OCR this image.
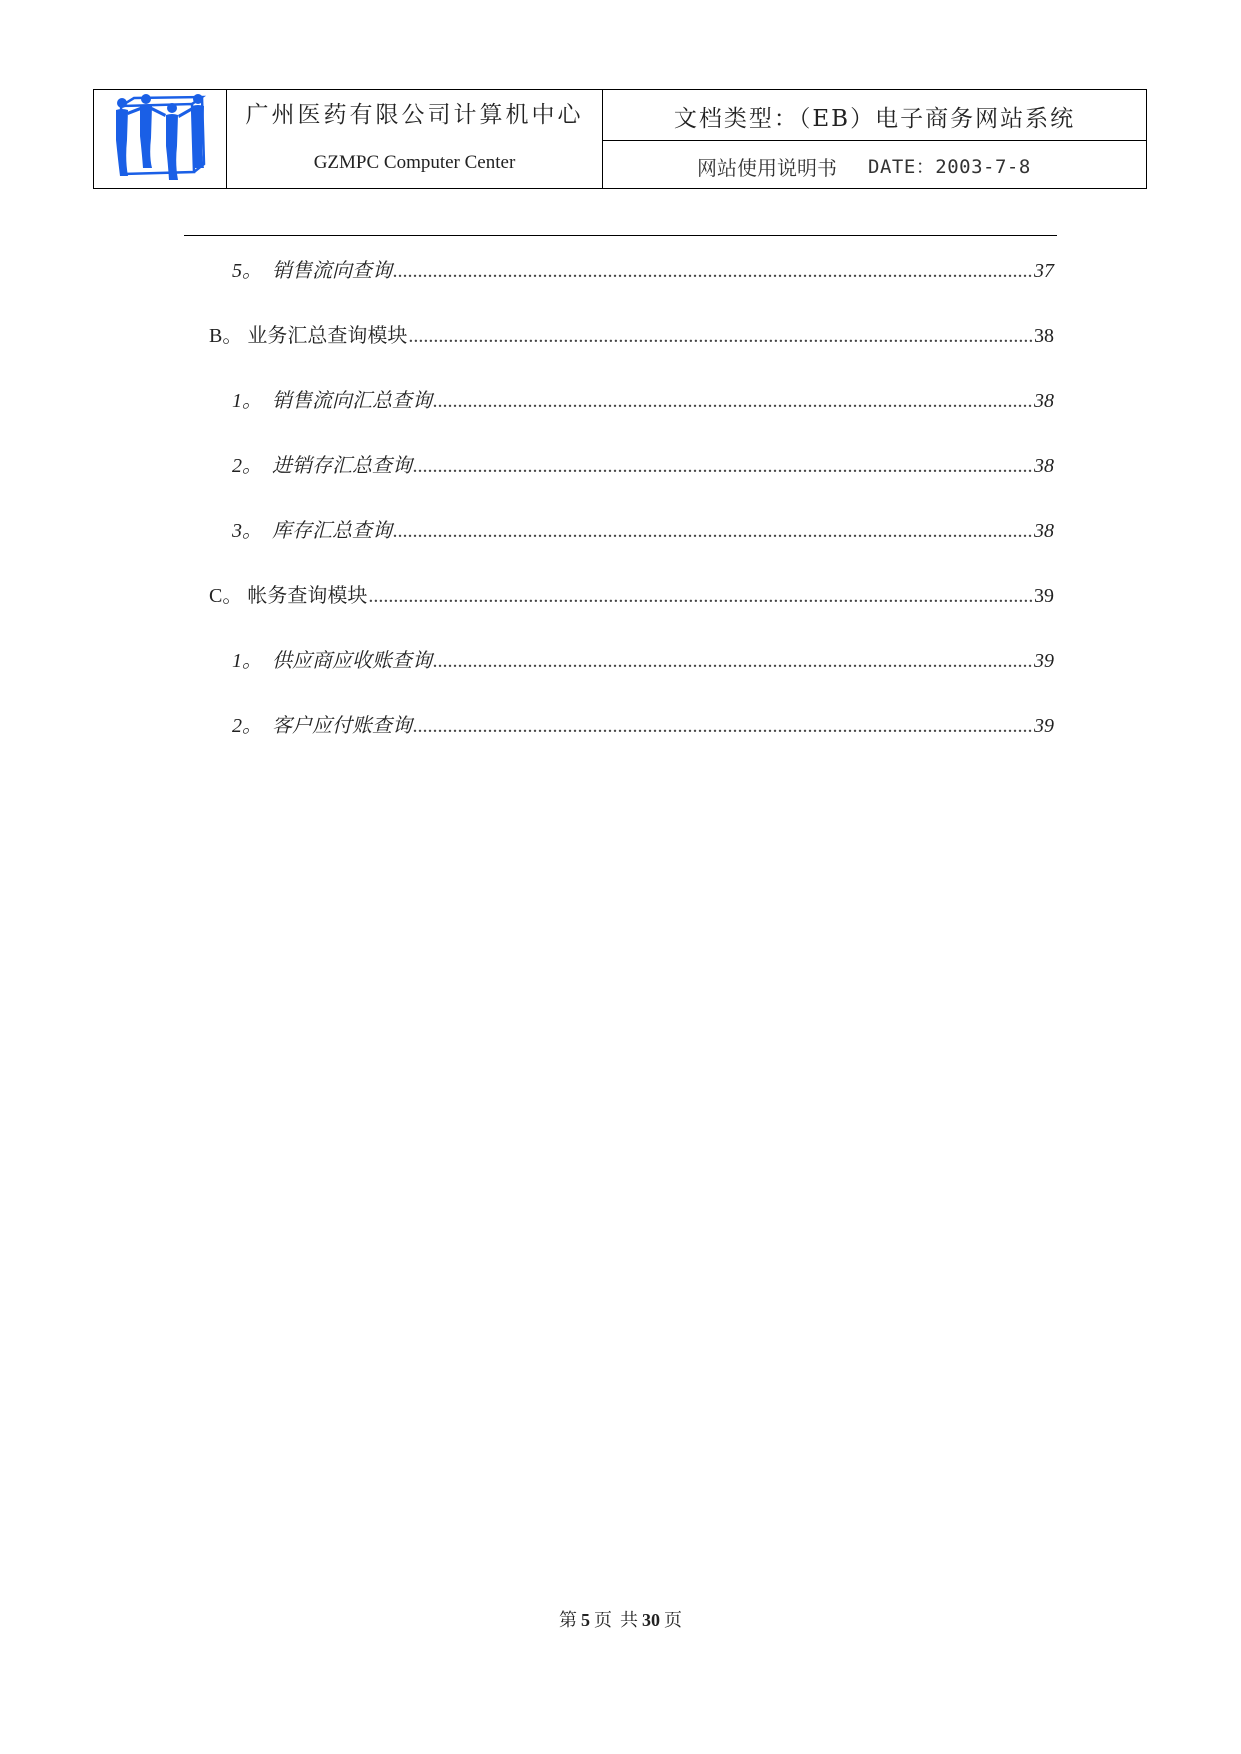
广州医药有限公司计算机中心
GZMPC Computer Center
文档类型：（EB）电子商务网站系统
网站使用说明书 DATE：2003-7-8
5。 销售流向查询 .....	37
B。 业务汇总查询模块 .....	38
1。 销售流向汇总查询 .....	38
2。 进销存汇总查询 .....	38
3。 库存汇总查询 .....	38
C。 帐务查询模块 .....	39
1。 供应商应收账查询 .....	39
2。 客户应付账查询 .....	39
第 5 页 共 30 页
